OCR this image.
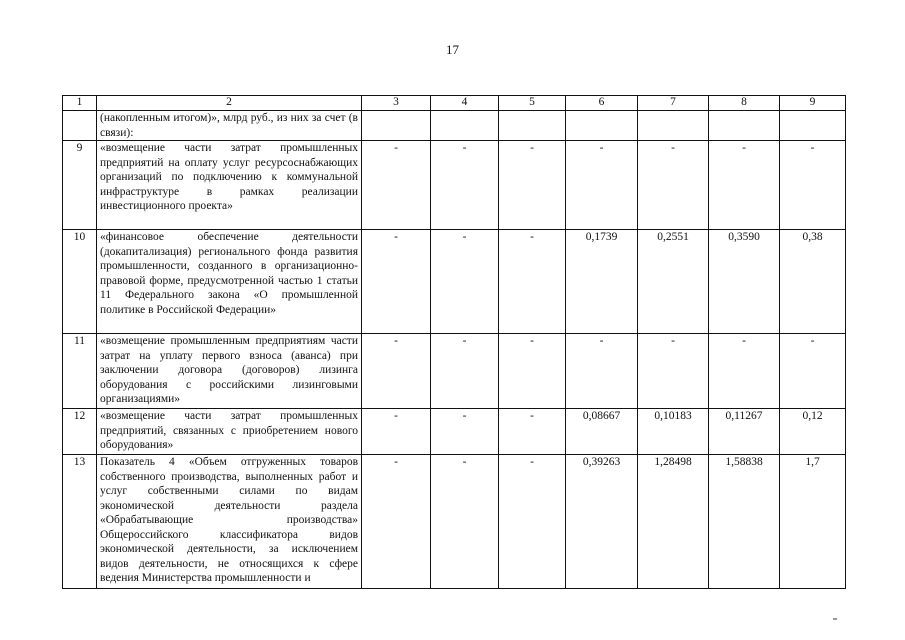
17
1	2	3	4	5	6	7	8	9
	(накопленным итогом)», млрд руб., из них за счет (в связи):							
9	«возмещение части затрат промышленных предприятий на оплату услуг ресурсоснабжающих организаций по подключению к коммунальной инфраструктуре в рамках реализации инвестиционного проекта»	-	-	-	-	-	-	-
10	«финансовое обеспечение деятельности (докапитализация) регионального фонда развития промышленности, созданного в организационно-правовой форме, предусмотренной частью 1 статьи 11 Федерального закона «О промышленной политике в Российской Федерации»	-	-	-	0,1739	0,2551	0,3590	0,38
11	«возмещение промышленным предприятиям части затрат на уплату первого взноса (аванса) при заключении договора (договоров) лизинга оборудования с российскими лизинговыми организациями»	-	-	-	-	-	-	-
12	«возмещение части затрат промышленных предприятий, связанных с приобретением нового оборудования»	-	-	-	0,08667	0,10183	0,11267	0,12
13	Показатель 4 «Объем отгруженных товаров собственного производства, выполненных работ и услуг собственными силами по видам экономической деятельности раздела «Обрабатывающие производства» Общероссийского классификатора видов экономической деятельности, за исключением видов деятельности, не относящихся к сфере ведения Министерства промышленности и	-	-	-	0,39263	1,28498	1,58838	1,7
